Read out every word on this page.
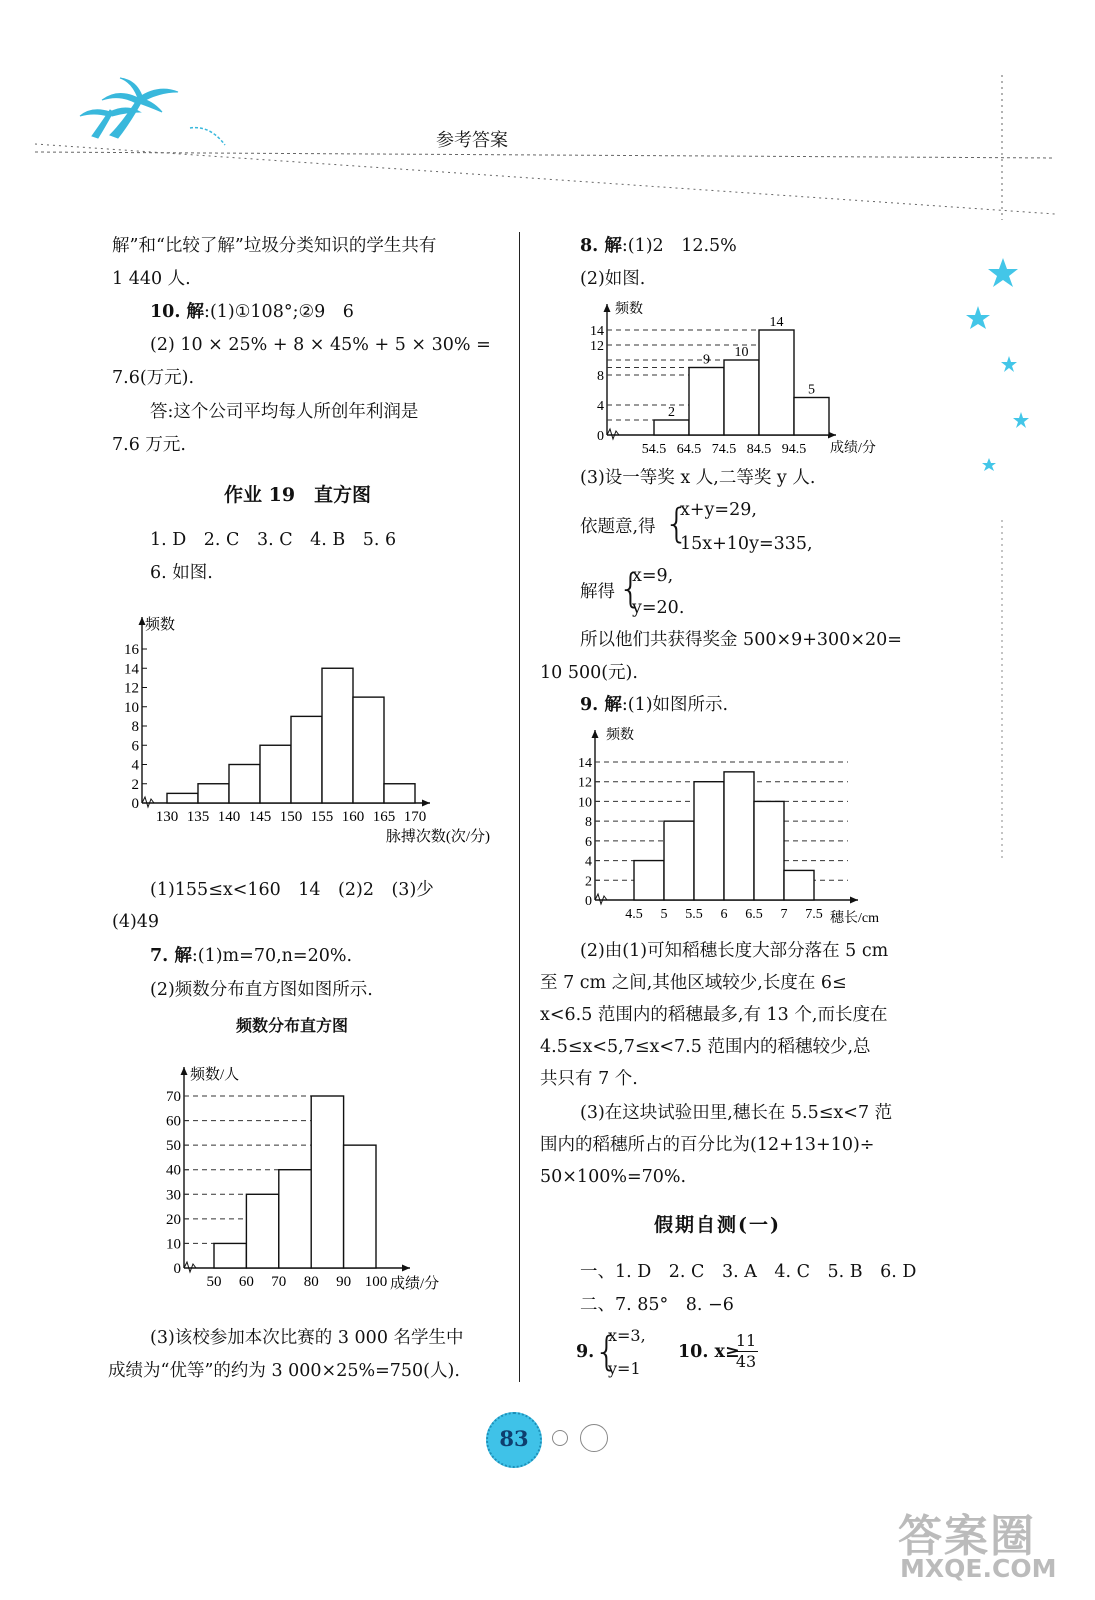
参考答案
解”和“比较了解”垃圾分类知识的学生共有
1 440 人.
10. 解:(1)①108°;②9　6
(2) 10 × 25% + 8 × 45% + 5 × 30% =
7.6(万元).
答:这个公司平均每人所创年利润是
7.6 万元.
作业 19　直方图
1. D　2. C　3. C　4. B　5. 6
6. 如图.
0
2
4
6
8
10
12
14
16
130 135 140 145 150 155 160 165 170
频数
脉搏次数(次/分)
(1)155≤x<160　14　(2)2　(3)少
(4)49
7. 解:(1)m=70,n=20%.
(2)频数分布直方图如图所示.
频数分布直方图
0
10
20
30
40
50
60
70
50 60 70 80 90 100
频数/人
成绩/分
(3)该校参加本次比赛的 3 000 名学生中
成绩为“优等”的约为 3 000×25%=750(人).
8. 解:(1)2　12.5%
(2)如图.
0
4
8
12
14
2
9 10
14
5
54.5 64.5 74.5 84.5 94.5
频数
成绩/分
(3)设一等奖 x 人,二等奖 y 人.
依题意,得 {
x+y=29,
15x+10y=335,
解得 {
x=9,
y=20.
所以他们共获得奖金 500×9+300×20=
10 500(元).
9. 解:(1)如图所示.
0
2
4
6
8
10
12
14
4.5 5 5.5 6 6.5 7 7.5
频数
穗长/cm
(2)由(1)可知稻穗长度大部分落在 5 cm
至 7 cm 之间,其他区域较少,长度在 6≤
x<6.5 范围内的稻穗最多,有 13 个,而长度在
4.5≤x<5,7≤x<7.5 范围内的稻穗较少,总
共只有 7 个.
(3)在这块试验田里,穗长在 5.5≤x<7 范
围内的稻穗所占的百分比为(12+13+10)÷
50×100%=70%.
假期自测(一)
一、1. D　2. C　3. A　4. C　5. B　6. D
二、7. 85°　8. −6
9. {
x=3,
y=1
10. x≥
$\frac{11}{43}$
83
答案圈
MXQE.COM
